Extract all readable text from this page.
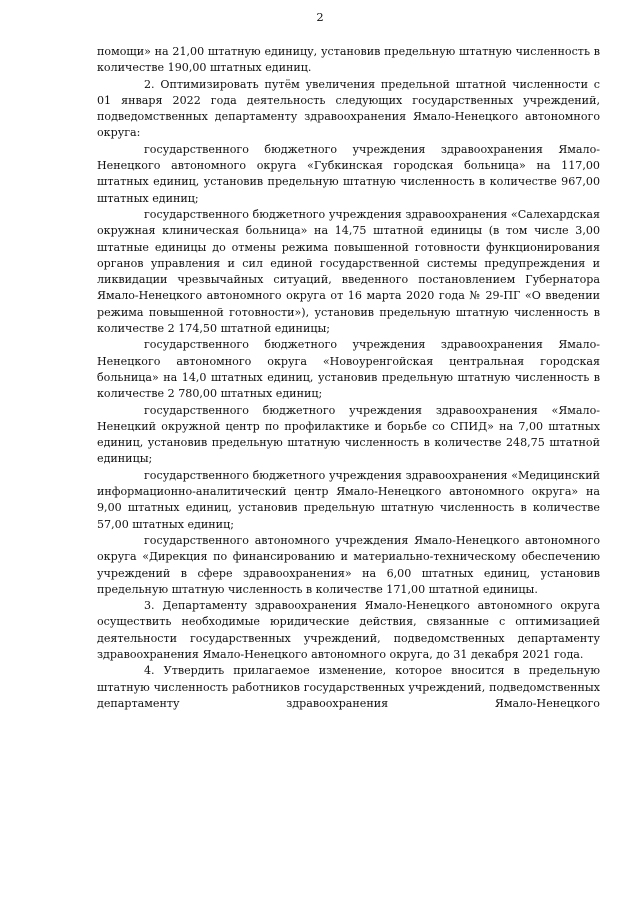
2

помощи» на 21,00 штатную единицу, установив предельную штатную численность в количестве 190,00 штатных единиц.

2. Оптимизировать путём увеличения предельной штатной численности с 01 января 2022 года деятельность следующих государственных учреждений, подведомственных департаменту здравоохранения Ямало-Ненецкого автономного округа:

государственного бюджетного учреждения здравоохранения Ямало-Ненецкого автономного округа «Губкинская городская больница» на 117,00 штатных единиц, установив предельную штатную численность в количестве 967,00 штатных единиц;

государственного бюджетного учреждения здравоохранения «Салехардская окружная клиническая больница» на 14,75 штатной единицы (в том числе 3,00 штатные единицы до отмены режима повышенной готовности функционирования органов управления и сил единой государственной системы предупреждения и ликвидации чрезвычайных ситуаций, введенного постановлением Губернатора Ямало-Ненецкого автономного округа от 16 марта 2020 года № 29-ПГ «О введении режима повышенной готовности»), установив предельную штатную численность в количестве 2 174,50 штатной единицы;

государственного бюджетного учреждения здравоохранения Ямало-Ненецкого автономного округа «Новоуренгойская центральная городская больница» на 14,0 штатных единиц, установив предельную штатную численность в количестве 2 780,00 штатных единиц;

государственного бюджетного учреждения здравоохранения «Ямало-Ненецкий окружной центр по профилактике и борьбе со СПИД» на 7,00 штатных единиц, установив предельную штатную численность в количестве 248,75 штатной единицы;

государственного бюджетного учреждения здравоохранения «Медицинский информационно-аналитический центр Ямало-Ненецкого автономного округа» на 9,00 штатных единиц, установив предельную штатную численность в количестве 57,00 штатных единиц;

государственного автономного учреждения Ямало-Ненецкого автономного округа «Дирекция по финансированию и материально-техническому обеспечению учреждений в сфере здравоохранения» на 6,00 штатных единиц, установив предельную штатную численность в количестве 171,00 штатной единицы.

3. Департаменту здравоохранения Ямало-Ненецкого автономного округа осуществить необходимые юридические действия, связанные с оптимизацией деятельности государственных учреждений, подведомственных департаменту здравоохранения Ямало-Ненецкого автономного округа, до 31 декабря 2021 года.

4. Утвердить прилагаемое изменение, которое вносится в предельную штатную численность работников государственных учреждений, подведомственных департаменту здравоохранения Ямало-Ненецкого
